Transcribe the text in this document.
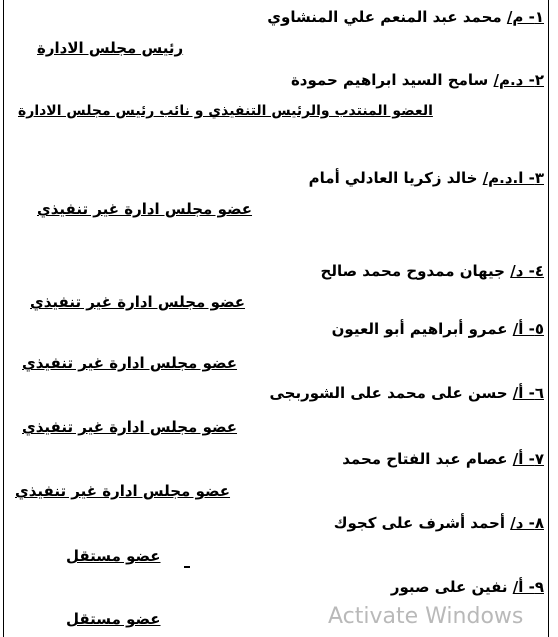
١- م/ محمد عبد المنعم علي المنشاوي
رئيس مجلس الادارة
٢- د.م/ سامح السيد ابراهيم حمودة
العضو المنتدب والرئيس التنفيذي و نائب رئيس مجلس الادارة
٣- ا.د.م/ خالد زكريا العادلي أمام
عضو مجلس ادارة غير تنفيذي
٤- د/ جيهان ممدوح محمد صالح
عضو مجلس ادارة غير تنفيذي
٥- أ/ عمرو أبراهيم أبو العيون
عضو مجلس ادارة غير تنفيذي
٦- أ/ حسن على محمد على الشوربجى
عضو مجلس ادارة غير تنفيذي
٧- أ/ عصام عبد الفتاح محمد
عضو مجلس ادارة غير تنفيذي
٨- د/ أحمد أشرف على كجوك
عضو مستقل
٩- أ/ نفين على صبور
عضو مستقل	Activate Windows
